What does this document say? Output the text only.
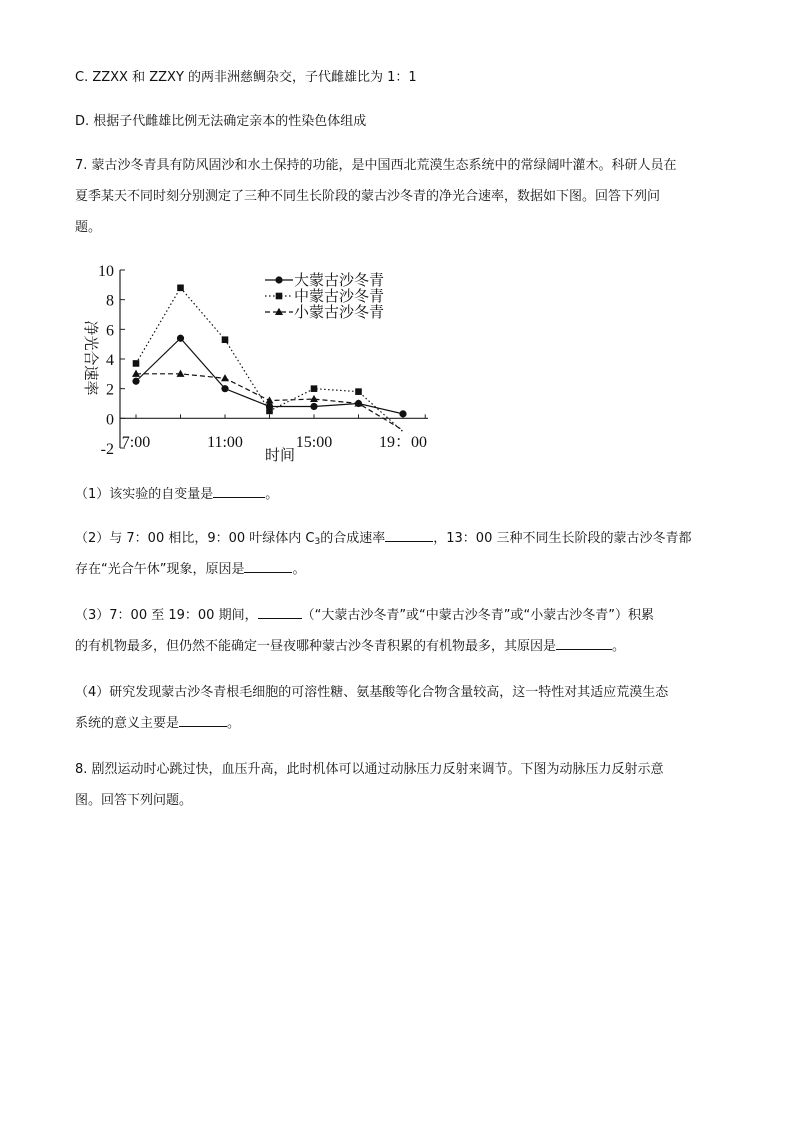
C. ZZXX 和 ZZXY 的两非洲慈鲷杂交，子代雌雄比为 1：1
D. 根据子代雌雄比例无法确定亲本的性染色体组成
7. 蒙古沙冬青具有防风固沙和水土保持的功能，是中国西北荒漠生态系统中的常绿阔叶灌木。科研人员在
夏季某天不同时刻分别测定了三种不同生长阶段的蒙古沙冬青的净光合速率，数据如下图。回答下列问
题。
10
8
6
4
2
0
-2 7:00	11:00	15:00	19：00
大蒙古沙冬青
中蒙古沙冬青
小蒙古沙冬青
时间
净光合速率
（1）该实验的自变量是	。
（2）与 7：00 相比，9：00 叶绿体内 $C_3$的合成速率	，13：00 三种不同生长阶段的蒙古沙冬青都
存在“光合午休”现象，原因是	。
（3）7：00 至 19：00 期间，	（“大蒙古沙冬青”或“中蒙古沙冬青”或“小蒙古沙冬青”）积累
的有机物最多，但仍然不能确定一昼夜哪种蒙古沙冬青积累的有机物最多，其原因是	。
（4）研究发现蒙古沙冬青根毛细胞的可溶性糖、氨基酸等化合物含量较高，这一特性对其适应荒漠生态
系统的意义主要是	。
8. 剧烈运动时心跳过快，血压升高，此时机体可以通过动脉压力反射来调节。下图为动脉压力反射示意
图。回答下列问题。
